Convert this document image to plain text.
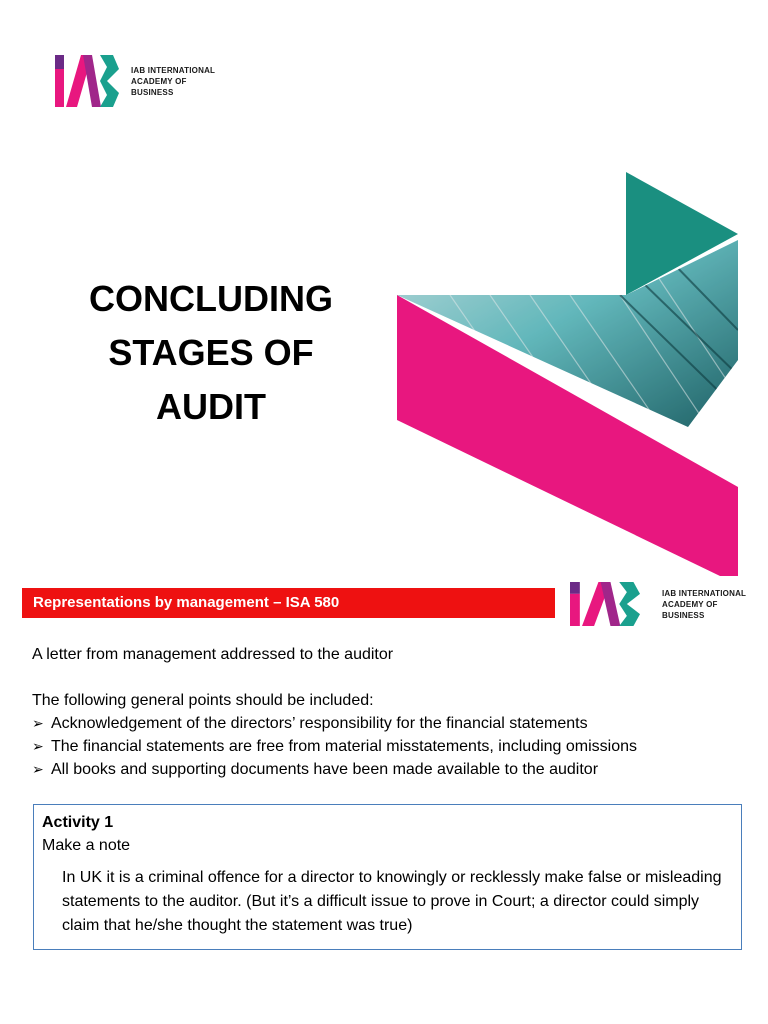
IAB INTERNATIONAL
ACADEMY OF
BUSINESS
CONCLUDING
STAGES OF
AUDIT
Representations by management – ISA 580
IAB INTERNATIONAL
ACADEMY OF
BUSINESS

A letter from management addressed to the auditor

The following general points should be included:

➢ Acknowledgement of the directors’ responsibility for the financial statements
➢ The financial statements are free from material misstatements, including omissions
➢ All books and supporting documents have been made available to the auditor
Activity 1
Make a note
In UK it is a criminal offence for a director to knowingly or recklessly make false or misleading statements to the auditor. (But it’s a difficult issue to prove in Court; a director could simply claim that he/she thought the statement was true)
